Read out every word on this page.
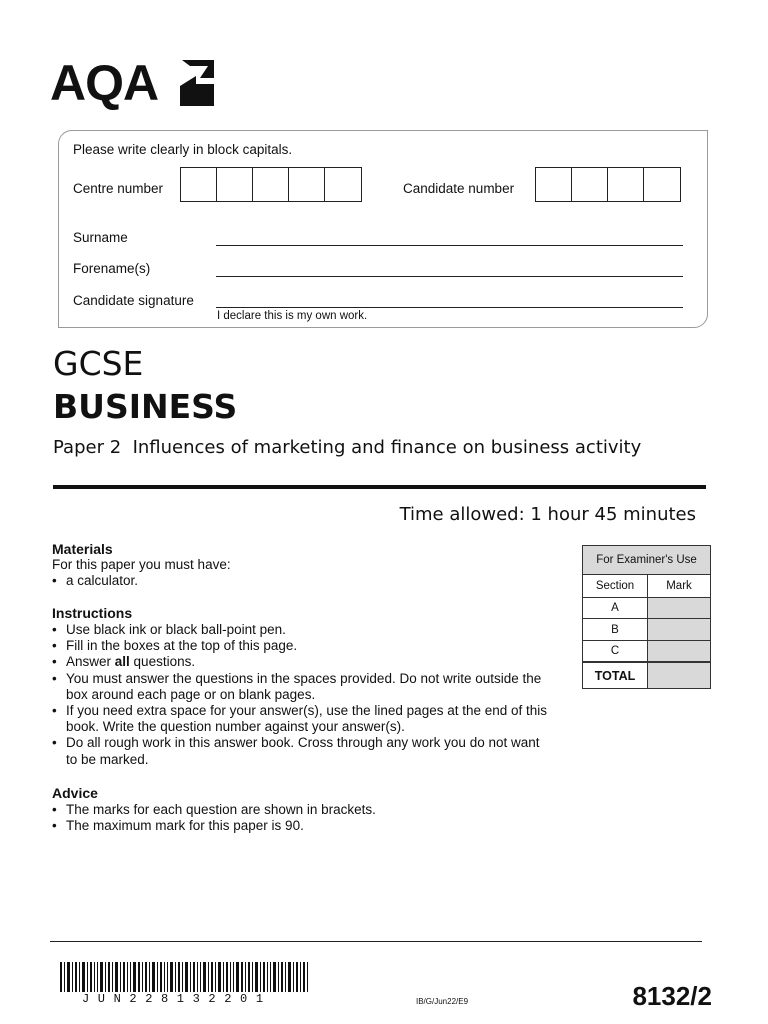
AQA
Please write clearly in block capitals.
Centre number	Candidate number
Surname
Forename(s)
Candidate signature
I declare this is my own work.
GCSE
BUSINESS
Paper 2  Influences of marketing and finance on business activity
Time allowed: 1 hour 45 minutes
Materials
For this paper you must have:
• a calculator.
Instructions
• Use black ink or black ball-point pen.
• Fill in the boxes at the top of this page.
• Answer all questions.
• You must answer the questions in the spaces provided. Do not write outside the box around each page or on blank pages.
• If you need extra space for your answer(s), use the lined pages at the end of this book. Write the question number against your answer(s).
• Do all rough work in this answer book. Cross through any work you do not want to be marked.
Advice
• The marks for each question are shown in brackets.
• The maximum mark for this paper is 90.
For Examiner's Use
Section	Mark
A
B
C
TOTAL
JUN228132201	IB/G/Jun22/E9	8132/2
